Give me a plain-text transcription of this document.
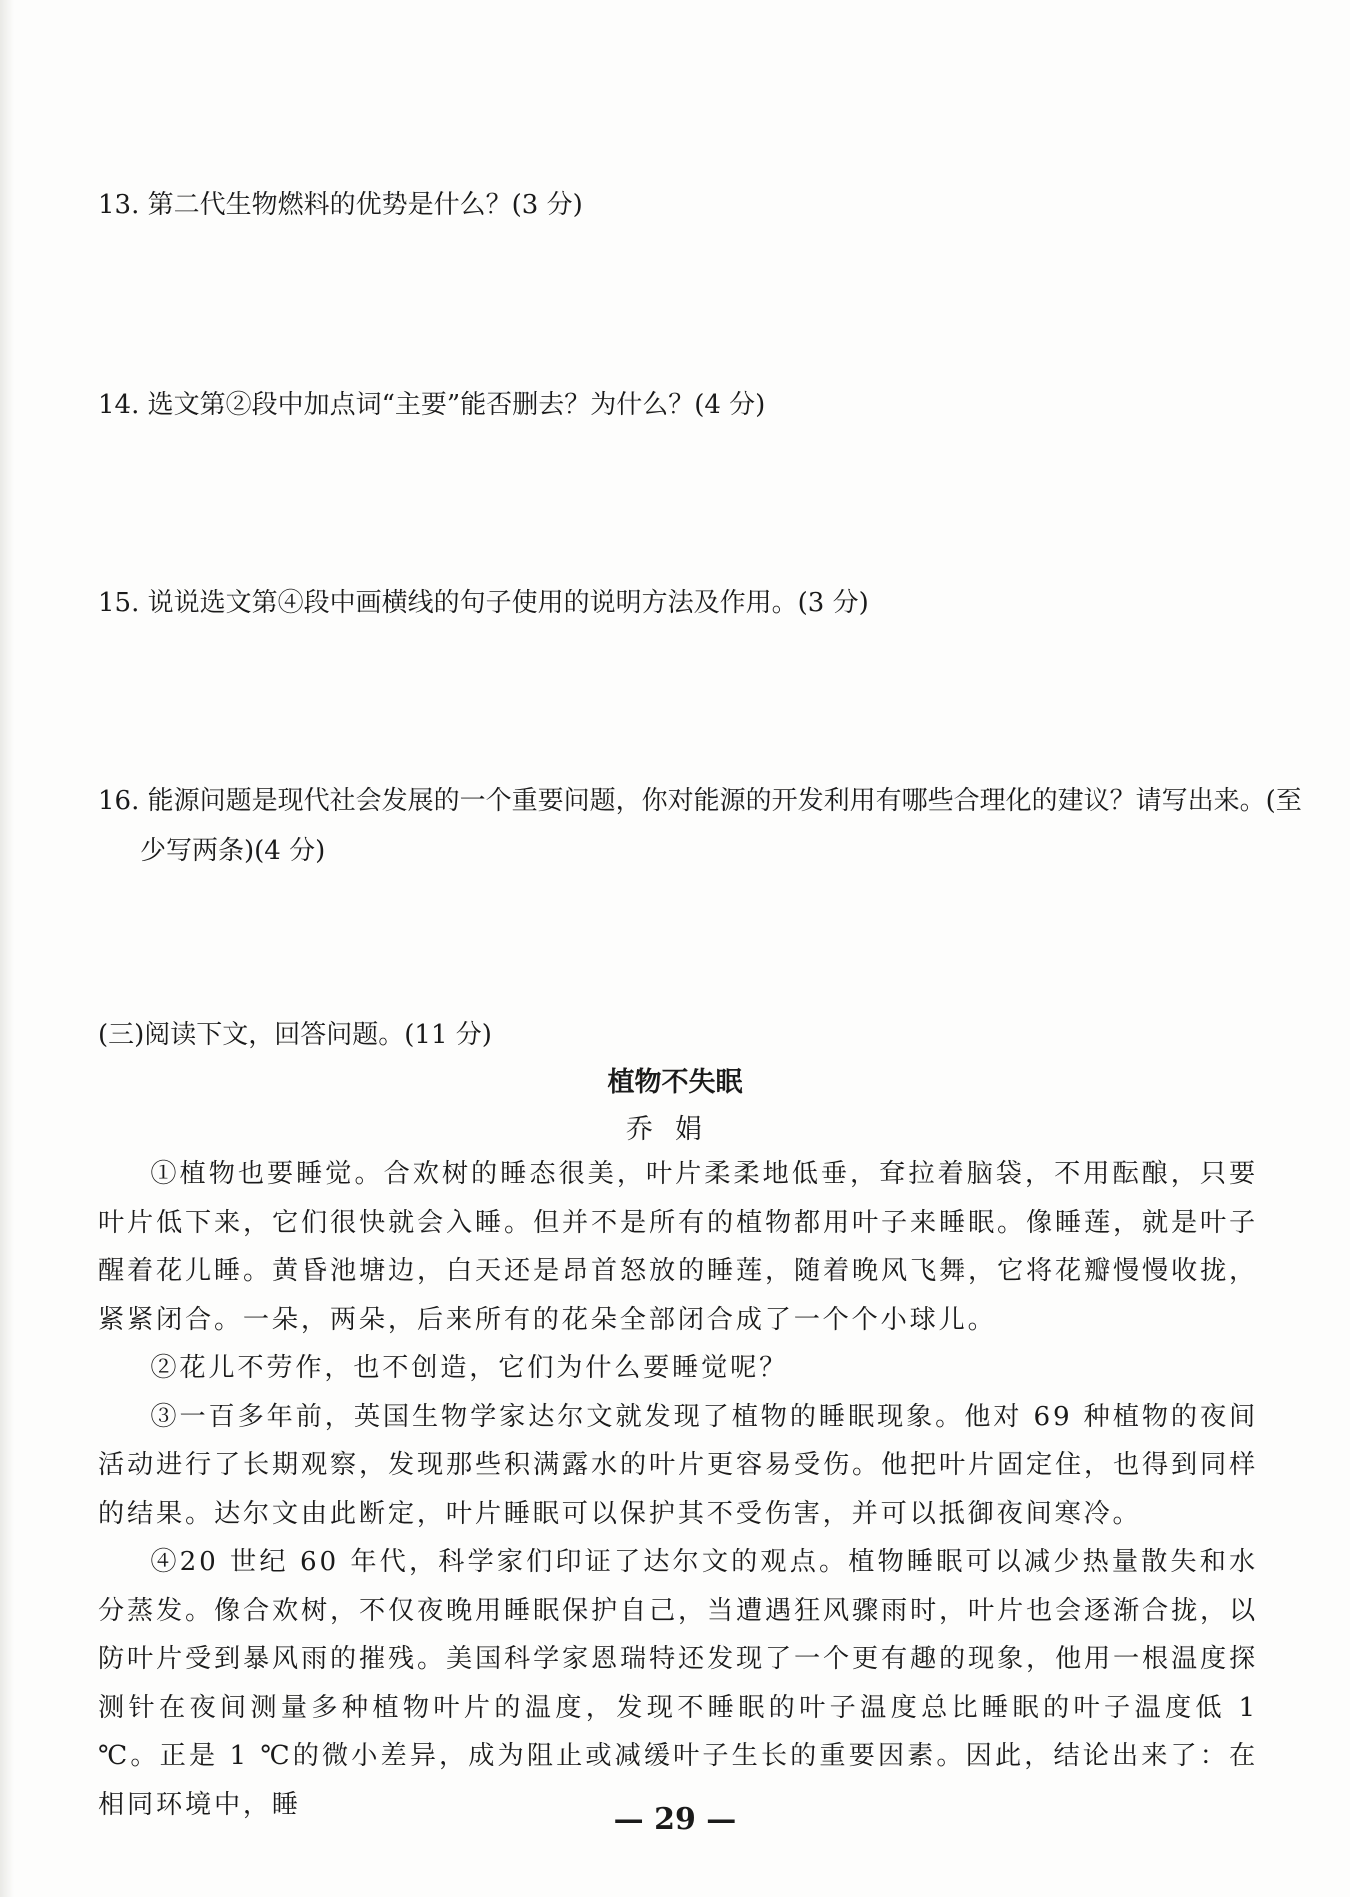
13. 第二代生物燃料的优势是什么？(3 分)

14. 选文第②段中加点词“主要”能否删去？为什么？(4 分)

15. 说说选文第④段中画横线的句子使用的说明方法及作用。(3 分)

16. 能源问题是现代社会发展的一个重要问题，你对能源的开发利用有哪些合理化的建议？请写出来。(至少写两条)(4 分)

(三)阅读下文，回答问题。(11 分)

植物不失眠

乔娟

①植物也要睡觉。合欢树的睡态很美，叶片柔柔地低垂，耷拉着脑袋，不用酝酿，只要叶片低下来，它们很快就会入睡。但并不是所有的植物都用叶子来睡眠。像睡莲，就是叶子醒着花儿睡。黄昏池塘边，白天还是昂首怒放的睡莲，随着晚风飞舞，它将花瓣慢慢收拢，紧紧闭合。一朵，两朵，后来所有的花朵全部闭合成了一个个小球儿。

②花儿不劳作，也不创造，它们为什么要睡觉呢？

③一百多年前，英国生物学家达尔文就发现了植物的睡眠现象。他对 69 种植物的夜间活动进行了长期观察，发现那些积满露水的叶片更容易受伤。他把叶片固定住，也得到同样的结果。达尔文由此断定，叶片睡眠可以保护其不受伤害，并可以抵御夜间寒冷。

④20 世纪 60 年代，科学家们印证了达尔文的观点。植物睡眠可以减少热量散失和水分蒸发。像合欢树，不仅夜晚用睡眠保护自己，当遭遇狂风骤雨时，叶片也会逐渐合拢，以防叶片受到暴风雨的摧残。美国科学家恩瑞特还发现了一个更有趣的现象，他用一根温度探测针在夜间测量多种植物叶片的温度，发现不睡眠的叶子温度总比睡眠的叶子温度低 1 ℃。正是 1 ℃的微小差异，成为阻止或减缓叶子生长的重要因素。因此，结论出来了：在相同环境中，睡	— 29 —
